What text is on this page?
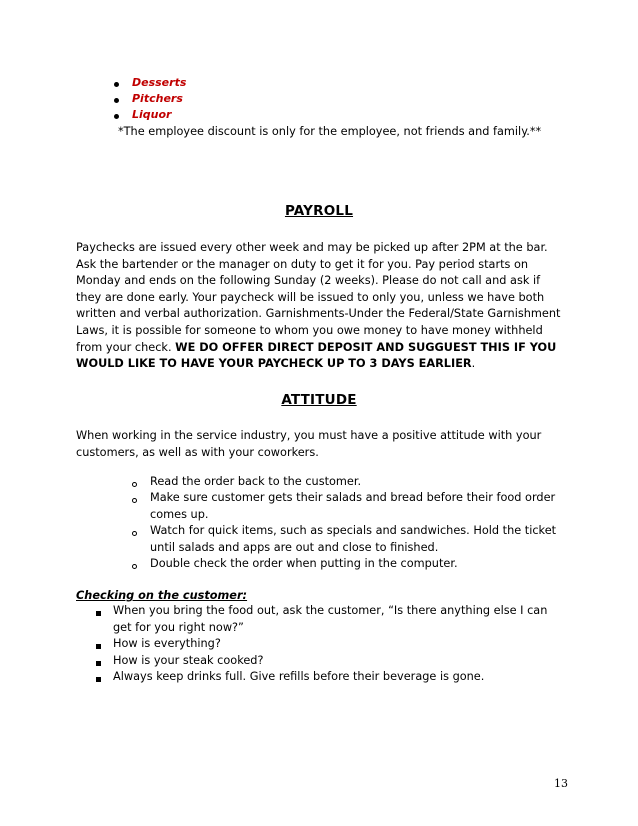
Desserts
Pitchers
Liquor
*The employee discount is only for the employee, not friends and family.**
PAYROLL
Paychecks are issued every other week and may be picked up after 2PM at the bar. Ask the bartender or the manager on duty to get it for you. Pay period starts on Monday and ends on the following Sunday (2 weeks). Please do not call and ask if they are done early. Your paycheck will be issued to only you, unless we have both written and verbal authorization. Garnishments-Under the Federal/State Garnishment Laws, it is possible for someone to whom you owe money to have money withheld from your check. WE DO OFFER DIRECT DEPOSIT AND SUGGUEST THIS IF YOU WOULD LIKE TO HAVE YOUR PAYCHECK UP TO 3 DAYS EARLIER.
ATTITUDE
When working in the service industry, you must have a positive attitude with your customers, as well as with your coworkers.
Read the order back to the customer.
Make sure customer gets their salads and bread before their food order comes up.
Watch for quick items, such as specials and sandwiches. Hold the ticket until salads and apps are out and close to finished.
Double check the order when putting in the computer.
Checking on the customer:
When you bring the food out, ask the customer, “Is there anything else I can get for you right now?”
How is everything?
How is your steak cooked?
Always keep drinks full. Give refills before their beverage is gone.
13
